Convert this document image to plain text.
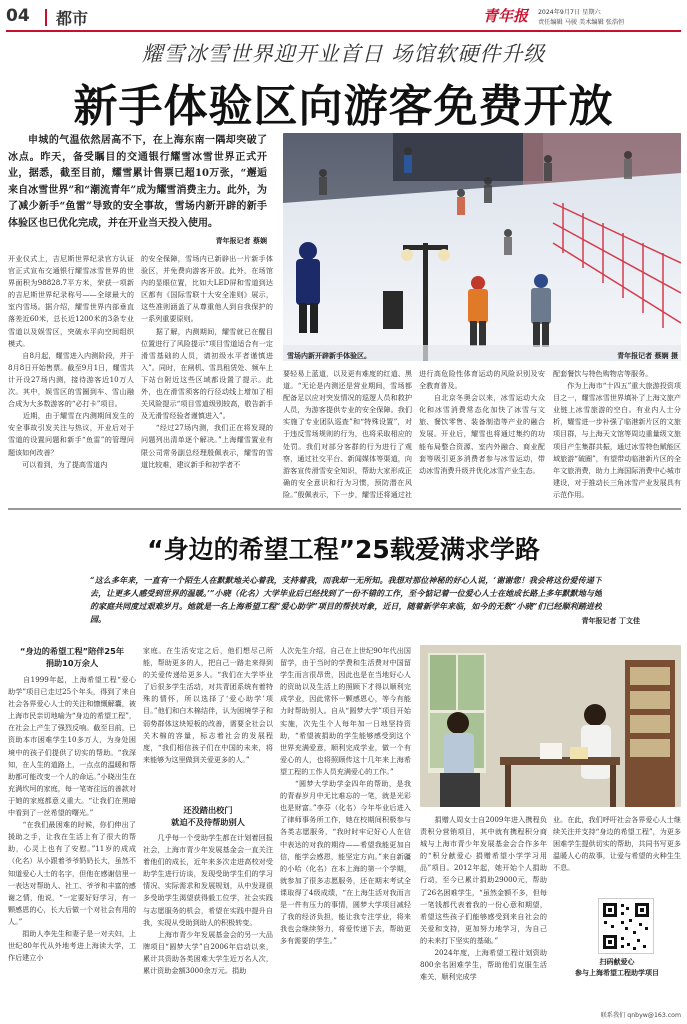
04 都市	青年报 2024年9月7日 星期六
责任编辑 马骏 美术编辑 张浩恒
耀雪冰雪世界迎开业首日 场馆软硬件升级
新手体验区向游客免费开放
申城的气温依然居高不下，在上海东南一隅却突破了冰点。昨天，备受瞩目的交通银行耀雪冰雪世界正式开业，据悉，截至目前，耀雪累计售票已超10万张，“邂逅来自冰雪世界”和“潮流青年”成为耀雪消费主力。此外，为了减少新手“鱼雷”导致的安全事故，雪场内新开辟的新手体验区也已优化完成，并在开业当天投入使用。
青年报记者 蔡娴
雪场内新开辟新手体验区。	青年报记者 蔡娴 摄
开业仪式上，吉尼斯世界纪录官方认证官正式宣布交通银行耀雪冰雪世界的世界面积为98828.7平方米，荣获一项新的吉尼斯世界纪录称号——全球最大的室内雪场。据介绍，耀雪世界内部垂直落差近60米，总长近1200米的3条专业雪道以及娱雪区，突破水平向空间组织模式。
　　自8月起，耀雪进入内测阶段，并于8月8日开始售票。截至9月1日，耀雪共计开设27场内测，接待游客近10万人次。其中，娱雪区的雪圈到车、雪山融合成为大多数游客的“必打卡”项目。
　　近期，由于耀雪在内测期间发生的安全事故引发关注与热议，开业后对于雪道的设置问题和新手“鱼雷”的管理问题该如何改善？
　　可以看到，为了提高雪道内
的安全保障，雪场内已新辟出一片新手体验区，并免费向游客开放。此外，在场馆内的显眼位置，比如大LED屏和雪道到达区都有《国际雪联十大安全准则》展示，这些准则涵盖了从尊重他人到自我保护的一系列重要原则。
　　据了解，内测期间，耀雪就已在醒目位置进行了风险提示“项目雪道适合有一定滑雪基础的人员，请初级水平者谨慎进入”。同时，在闸机、雪具租赁处、频车上下站台附近这些区域都设置了提示。此外，也在滑雪须客的行径动线上增加了相关风险提示“项目雪道级别较高，敬告新手及无滑雪经验者谨慎进入”。
　　“经过27场内测，我们正在将发现的问题列出清单逐个解决。”上海耀雪置业有限公司常务副总经理殷佩表示，耀雪的雪道比较难，建议新手和初学者不
要轻易上蓝道，以及更有难度的红道、黑道。“无论是内测还是营业期间，雪场都配备足以应对突发情况的巡逻人员和救护人员，为游客提供专业的安全保障。我们实施了专业团队巡查”和“特殊设置”，对于违反雪场规则的行为，也将采取相应的处罚。我们对部分客群的行为进行了观察，通过社交平台、新闻媒体等渠道，向游客宣传滑雪安全知识，帮助大家形成正确的安全意识和行为习惯，预防潜在风险。”殷佩表示，下一步，耀雪还将通过社
进行高危险性体育运动的风险识别及安全教育普及。
　　自北京冬奥会以来，冰雪运动大众化和冰雪消费常态化加快了冰雪与文旅、餐饮零售、装备制造等产业的融合发展。开业后，耀雪也将通过集约的功能布局整合资源、室内外融合、商业配套等吸引更多消费者参与冰雪运动，带动冰雪消费升级并优化冰雪产业生态。
配套餐饮与特色购物店等服务。
　　作为上海市“十四五”重大旅游投资项目之一，耀雪冰雪世界填补了上海文旅产业链上冰雪旅游的空白。有业内人士分析，耀雪进一步补强了临港新片区的文旅项目群，与上海天文馆等周边重量级文旅项目产生集群共振，通过冰雪特色赋能区域旅游“破圈”，有望带动临港新片区的全年文旅消费，助力上海国际消费中心城市建设，对于推动长三角冰雪产业发展具有示范作用。
“身边的希望工程”25载爱满求学路
“这么多年来，一直有一个陌生人在默默地关心着我，支持着我，而我却一无所知。我想对那位神秘的好心人说，‘谢谢您！我会将这份爱传递下去，让更多人感受到世界的温暖。’”小晓（化名）大学毕业后已经找到了一份不错的工作，至今惦记着一位爱心人士在她成长路上多年默默地与她的家庭共同度过艰难岁月。她就是一名上海希望工程“爱心助学”项目的帮扶对象，近日，随着新学年来临，如今的无数“小晓”们已经顺利踏进校园。	青年报记者 丁文佳
“身边的希望工程”陪伴25年
捐助10万余人
　　自1999年起，上海希望工程“爱心助学”项目已走过25个年头，得到了来自社会各界爱心人士的关注和慷慨解囊，被上海市民亲切地喻为“身边的希望工程”，在社会上产生了强烈反响。截至目前，已资助本市困难学生10多万人，为身处困境中的孩子们提供了切实的帮助。“我深知，在人生的道路上，一点点的温暖和帮助都可能改变一个人的命运。”小晓出生在充满坎坷的家庭，每一笔寄往远的善款对于她的家庭都意义重大。“让我们在黑暗中看到了一丝希望的曙光。”
　　“在我们最困难的时候，你们伸出了援助之手，让我在生活上有了很大的帮助，心灵上也有了安慰。”11岁的成成（化名）从小跟着爷爷奶奶长大，虽然不知道爱心人士的名字，但他在感谢信里一一表达对帮助人、社工、爷爷和丰富的感谢之情，他说，“一定要好好学习，有一颗感恩的心，长大后做一个对社会有用的人。”
　　捐助人李先生和妻子是一对夫妇，上世纪80年代从外地考进上海读大学，工作后建立小
家庭。在生活安定之后，他们想尽己所能，帮助更多的人，把自己一路走来得到的关爱传递给更多人。“我们在大学毕业了后很多学生活动，对共青团系统有着特殊的情怀，所以选择了‘爱心助学’项目。”他们和白木棉结伴，认为困境学子和弱势群体这块短板的改善，需要全社会以关木棉的容量，标志着社会的发展程度，“我们相信孩子们在中国的未来，将来能够为这里做到关爱更多的人。”
还没踏出校门
就迫不及待帮助别人
　　几乎每一个受助学生都在计划着回报社会，上海市青少年发展基金会一直关注着他们的成长，近年来多次走进高校对受助学生进行访谈，发现受助学生们的学习情况、实际需求和发展规划，从中发现很多受助学生渴望获得毅工位学，社会实践与志愿服务的机会，希望在实践中提升自我，实现从受助到助人的积极转变。
　　上海市青少年发展基金会的另一大品牌项目“圆梦大学”自2006年启动以来，累计共资助各类困难大学生近万名人次，累计资助金额3000余万元。捐助
人次先生介绍，自己在上世纪90年代出国留学，由于当时的学费和生活费对中国留学生而言很昂贵，因此也是在当地好心人的资助以及生活上的照顾下才得以顺利完成学业，因此常怀一颗感恩心，等今有能力时帮助别人。自从“圆梦大学”项目开始实施，次先生个人每年加一日地坚持资助，“希望被捐助的学生能够感受到这个世界充满爱意，顺利完成学业，做一个有爱心的人，也将照顾传这十几年来上海希望工程的工作人员充满爱心的工作。”
　　“圆梦大学助学金四年的帮助，是我的青春岁月中无比难忘的一笔，就是光彩也是财富。”李芬（化名）今年毕业后进入了律师事务所工作，她在校期间积极参与各类志愿服务，“我时时牢记好心人在信中表达的对我的期待——希望我能更加自信，能学会感恩，能坚定方向。”来自新疆的小哈（化名）在本上海的第一个学期，就参加了很多志愿服务，还在期末考试全课取得了4级成绩，“在上海生活对我而言是一件有压力的事情，圆梦大学项目减轻了我的经济负担，能让我专注学业，将来我也会继续努力，将爱传递下去，帮助更多有需要的学生。”
　　捐赠人周女士自2009年进入携程负责积分营销项目，其中就有携程积分商城与上海市青少年发展基金会合作多年的“积分献爱心 捐赠希望小学学习用品”项目。2012年起，她开始个人捐助行动，至今已累计捐助29000元，帮助了26名困难学生，“虽然金额不多，但每一笔钱都代表着我的一份心意和期望，希望这些孩子们能够感受到来自社会的关爱和支持，更加努力地学习，为自己的未来打下坚实的基础。”
　　2024年度，上海希望工程计划资助800余名困难学生，帮助他们克服生活难关，顺利完成学
业。在此，我们呼吁社会各界爱心人士继续关注并支持“身边的希望工程”，为更多困难学生提供切实的帮助，共同书写更多温暖人心的故事，让爱与希望的火种生生不息。
扫码献爱心
参与上海希望工程助学项目
联系我们 qnbyw@163.com
